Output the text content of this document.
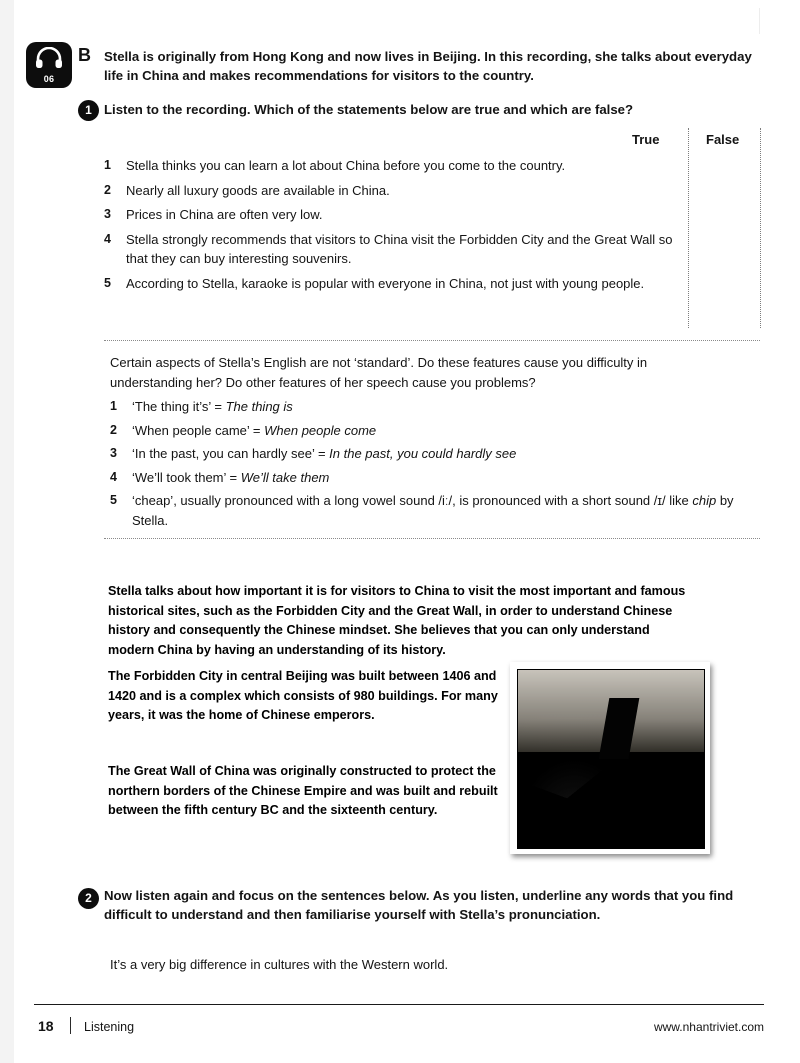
06
B Stella is originally from Hong Kong and now lives in Beijing. In this recording, she talks about everyday life in China and makes recommendations for visitors to the country.
1 Listen to the recording. Which of the statements below are true and which are false?
True	False
1 Stella thinks you can learn a lot about China before you come to the country.
2 Nearly all luxury goods are available in China.
3 Prices in China are often very low.
4 Stella strongly recommends that visitors to China visit the Forbidden City and the Great Wall so that they can buy interesting souvenirs.
5 According to Stella, karaoke is popular with everyone in China, not just with young people.
Certain aspects of Stella’s English are not ‘standard’. Do these features cause you difficulty in understanding her? Do other features of her speech cause you problems?
1 ‘The thing it’s’ = The thing is
2 ‘When people came’ = When people come
3 ‘In the past, you can hardly see’ = In the past, you could hardly see
4 ‘We’ll took them’ = We’ll take them
5 ‘cheap’, usually pronounced with a long vowel sound /iː/, is pronounced with a short sound /ɪ/ like chip by Stella.
Stella talks about how important it is for visitors to China to visit the most important and famous historical sites, such as the Forbidden City and the Great Wall, in order to understand Chinese history and consequently the Chinese mindset. She believes that you can only understand modern China by having an understanding of its history.
The Forbidden City in central Beijing was built between 1406 and 1420 and is a complex which consists of 980 buildings. For many years, it was the home of Chinese emperors.
The Great Wall of China was originally constructed to protect the northern borders of the Chinese Empire and was built and rebuilt between the fifth century BC and the sixteenth century.
2 Now listen again and focus on the sentences below. As you listen, underline any words that you find difficult to understand and then familiarise yourself with Stella’s pronunciation.
It’s a very big difference in cultures with the Western world.
18 Listening	www.nhantriviet.com
